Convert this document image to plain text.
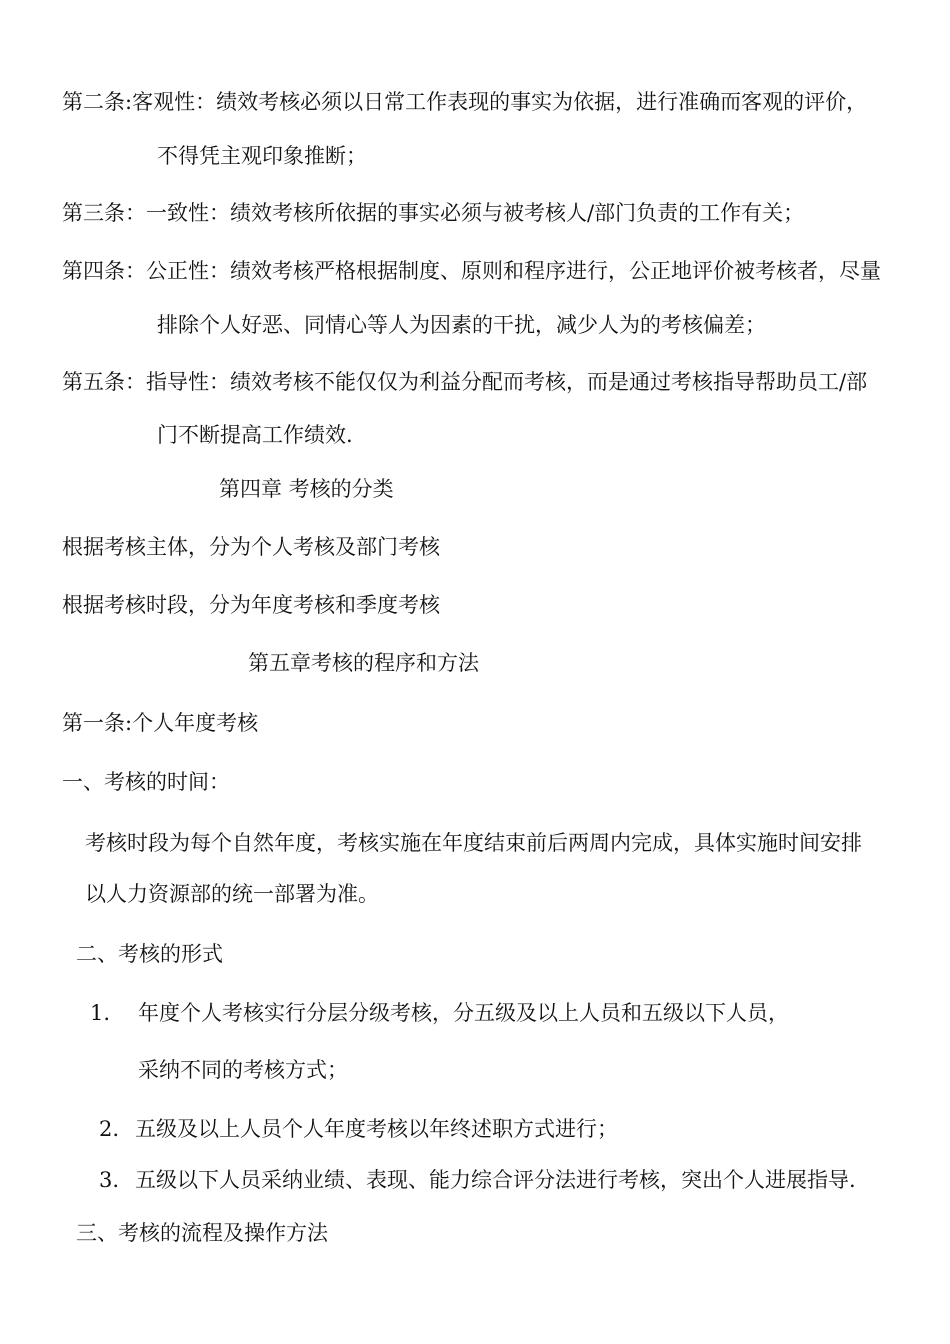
第二条:客观性：绩效考核必须以日常工作表现的事实为依据，进行准确而客观的评价，
不得凭主观印象推断；
第三条：一致性：绩效考核所依据的事实必须与被考核人/部门负责的工作有关；
第四条：公正性：绩效考核严格根据制度、原则和程序进行，公正地评价被考核者，尽量
排除个人好恶、同情心等人为因素的干扰，减少人为的考核偏差；
第五条：指导性：绩效考核不能仅仅为利益分配而考核，而是通过考核指导帮助员工/部
门不断提高工作绩效.
第四章 考核的分类
根据考核主体，分为个人考核及部门考核
根据考核时段，分为年度考核和季度考核
第五章考核的程序和方法
第一条:个人年度考核
一、考核的时间：
考核时段为每个自然年度，考核实施在年度结束前后两周内完成，具体实施时间安排
以人力资源部的统一部署为准。
二、考核的形式
1. 年度个人考核实行分层分级考核，分五级及以上人员和五级以下人员，
采纳不同的考核方式；
2. 五级及以上人员个人年度考核以年终述职方式进行；
3. 五级以下人员采纳业绩、表现、能力综合评分法进行考核，突出个人进展指导.
三、考核的流程及操作方法
